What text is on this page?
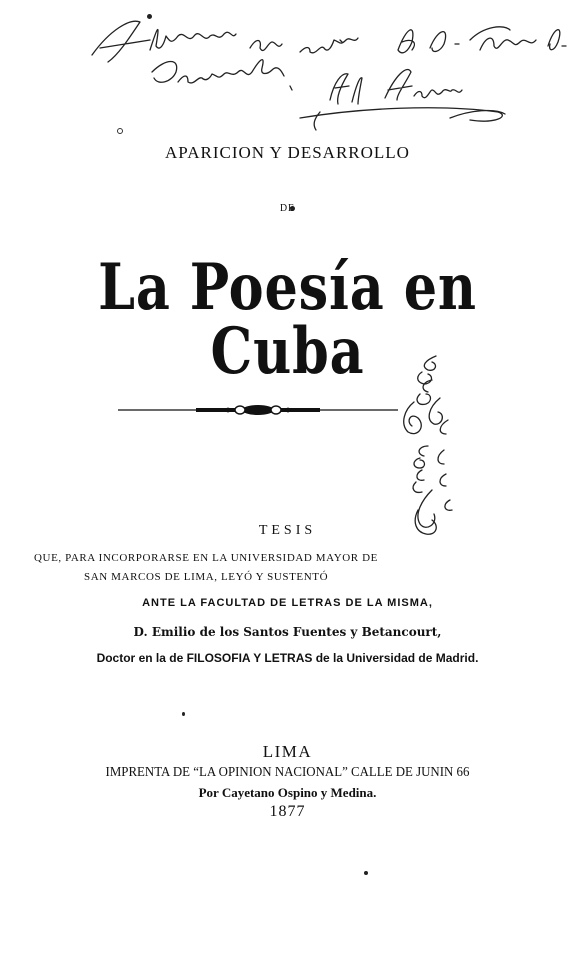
APARICION Y DESARROLLO
DE
La Poesía en Cuba
TESIS
QUE, PARA INCORPORARSE EN LA UNIVERSIDAD MAYOR DE
SAN MARCOS DE LIMA, LEYÓ Y SUSTENTÓ
ANTE LA FACULTAD DE LETRAS DE LA MISMA,
D. Emilio de los Santos Fuentes y Betancourt,
Doctor en la de FILOSOFIA Y LETRAS de la Universidad de Madrid.
LIMA
IMPRENTA DE “LA OPINION NACIONAL” CALLE DE JUNIN 66
Por Cayetano Ospino y Medina.
1877
